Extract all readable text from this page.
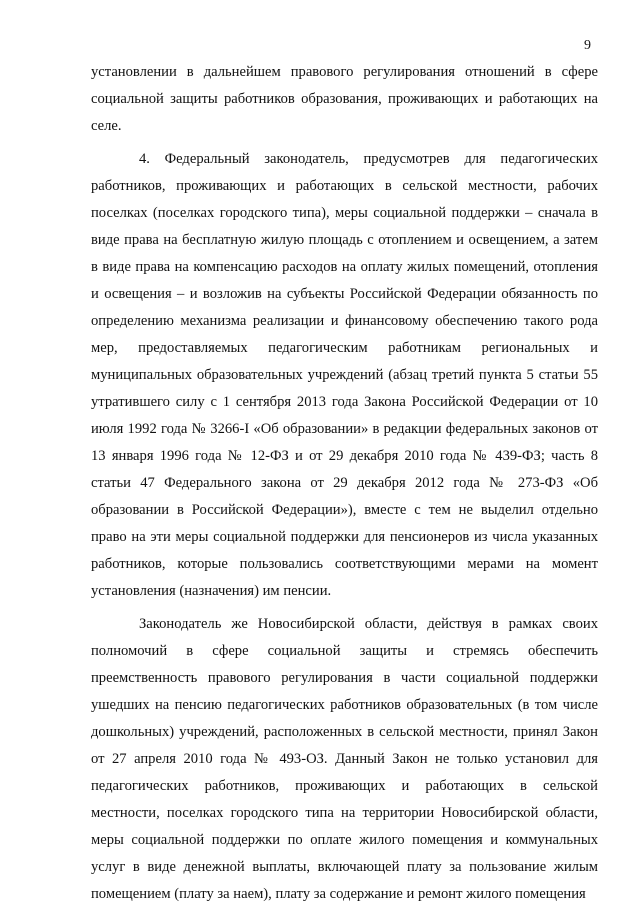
9
установлении в дальнейшем правового регулирования отношений в сфере
социальной защиты работников образования, проживающих и работающих на
селе.
4. Федеральный законодатель, предусмотрев для педагогических
работников, проживающих и работающих в сельской местности, рабочих
поселках (поселках городского типа), меры социальной поддержки – сначала в
виде права на бесплатную жилую площадь с отоплением и освещением, а затем
в виде права на компенсацию расходов на оплату жилых помещений, отопления
и освещения – и возложив на субъекты Российской Федерации обязанность по
определению механизма реализации и финансовому обеспечению такого рода
мер, предоставляемых педагогическим работникам региональных и
муниципальных образовательных учреждений (абзац третий пункта 5 статьи 55
утратившего силу с 1 сентября 2013 года Закона Российской Федерации от 10
июля 1992 года № 3266-I «Об образовании» в редакции федеральных законов от
13 января 1996 года № 12-ФЗ и от 29 декабря 2010 года № 439-ФЗ; часть 8
статьи 47 Федерального закона от 29 декабря 2012 года № 273-ФЗ «Об
образовании в Российской Федерации»), вместе с тем не выделил отдельно
право на эти меры социальной поддержки для пенсионеров из числа указанных
работников, которые пользовались соответствующими мерами на момент
установления (назначения) им пенсии.
Законодатель же Новосибирской области, действуя в рамках своих
полномочий в сфере социальной защиты и стремясь обеспечить
преемственность правового регулирования в части социальной поддержки
ушедших на пенсию педагогических работников образовательных (в том числе
дошкольных) учреждений, расположенных в сельской местности, принял Закон
от 27 апреля 2010 года № 493-ОЗ. Данный Закон не только установил для
педагогических работников, проживающих и работающих в сельской
местности, поселках городского типа на территории Новосибирской области,
меры социальной поддержки по оплате жилого помещения и коммунальных
услуг в виде денежной выплаты, включающей плату за пользование жилым
помещением (плату за наем), плату за содержание и ремонт жилого помещения
